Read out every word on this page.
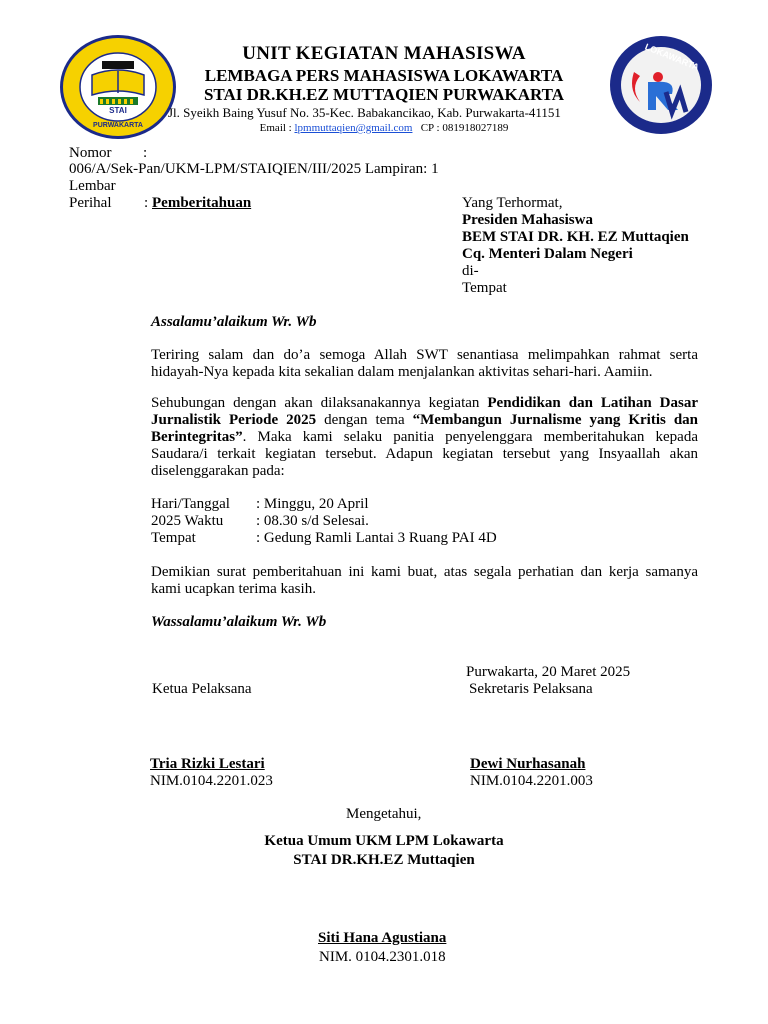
STAI
PURWAKARTA
LOKAWARTA
UNIT KEGIATAN MAHASISWA
LEMBAGA PERS MAHASISWA LOKAWARTA
STAI DR.KH.EZ MUTTAQIEN PURWAKARTA
Jl. Syeikh Baing Yusuf No. 35-Kec. Babakancikao, Kab. Purwakarta-41151
Email : lpmmuttaqien@gmail.com CP : 081918027189
Nomor :
006/A/Sek-Pan/UKM-LPM/STAIQIEN/III/2025 Lampiran: 1
Lembar
Perihal : Pemberitahuan	Yang Terhormat,
Presiden Mahasiswa
BEM STAI DR. KH. EZ Muttaqien
Cq. Menteri Dalam Negeri
di-
Tempat
Assalamu’alaikum Wr. Wb
Teriring salam dan do’a semoga Allah SWT senantiasa melimpahkan rahmat serta
hidayah-Nya kepada kita sekalian dalam menjalankan aktivitas sehari-hari. Aamiin.
Sehubungan dengan akan dilaksanakannya kegiatan Pendidikan dan Latihan Dasar
Jurnalistik Periode 2025 dengan tema “Membangun Jurnalisme yang Kritis dan
Berintegritas”. Maka kami selaku panitia penyelenggara memberitahukan kepada
Saudara/i terkait kegiatan tersebut. Adapun kegiatan tersebut yang Insyaallah akan
diselenggarakan pada:
Hari/Tanggal : Minggu, 20 April
2025 Waktu : 08.30 s/d Selesai.
Tempat	: Gedung Ramli Lantai 3 Ruang PAI 4D
Demikian surat pemberitahuan ini kami buat, atas segala perhatian dan kerja samanya
kami ucapkan terima kasih.
Wassalamu’alaikum Wr. Wb
Purwakarta, 20 Maret 2025
Ketua Pelaksana	Sekretaris Pelaksana
Tria Rizki Lestari
NIM.0104.2201.023
Dewi Nurhasanah
NIM.0104.2201.003
Mengetahui,
Ketua Umum UKM LPM Lokawarta
STAI DR.KH.EZ Muttaqien
Siti Hana Agustiana
NIM. 0104.2301.018
